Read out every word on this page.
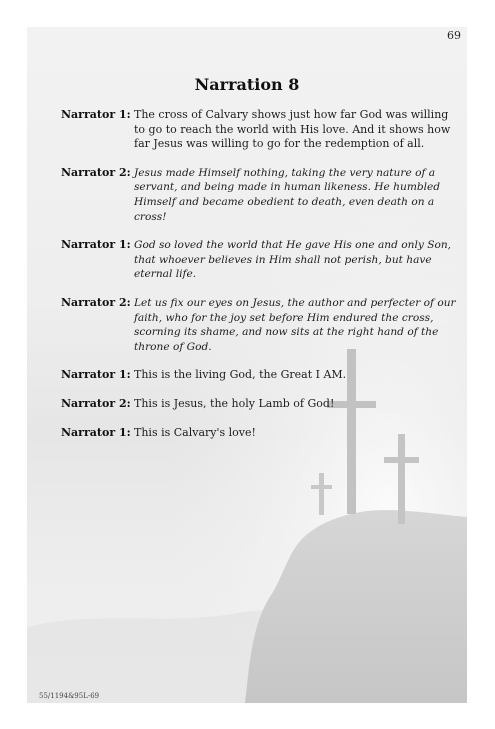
69
Narration 8
Narrator 1: The cross of Calvary shows just how far God was willing to go to reach the world with His love. And it shows how far Jesus was willing to go for the redemption of all.
Narrator 2: Jesus made Himself nothing, taking the very nature of a servant, and being made in human likeness. He humbled Himself and became obedient to death, even death on a cross!
Narrator 1: God so loved the world that He gave His one and only Son, that whoever believes in Him shall not perish, but have eternal life.
Narrator 2: Let us fix our eyes on Jesus, the author and perfecter of our faith, who for the joy set before Him endured the cross, scorning its shame, and now sits at the right hand of the throne of God.
Narrator 1: This is the living God, the Great I AM.
Narrator 2: This is Jesus, the holy Lamb of God!
Narrator 1: This is Calvary's love!
55/1194&95L-69
